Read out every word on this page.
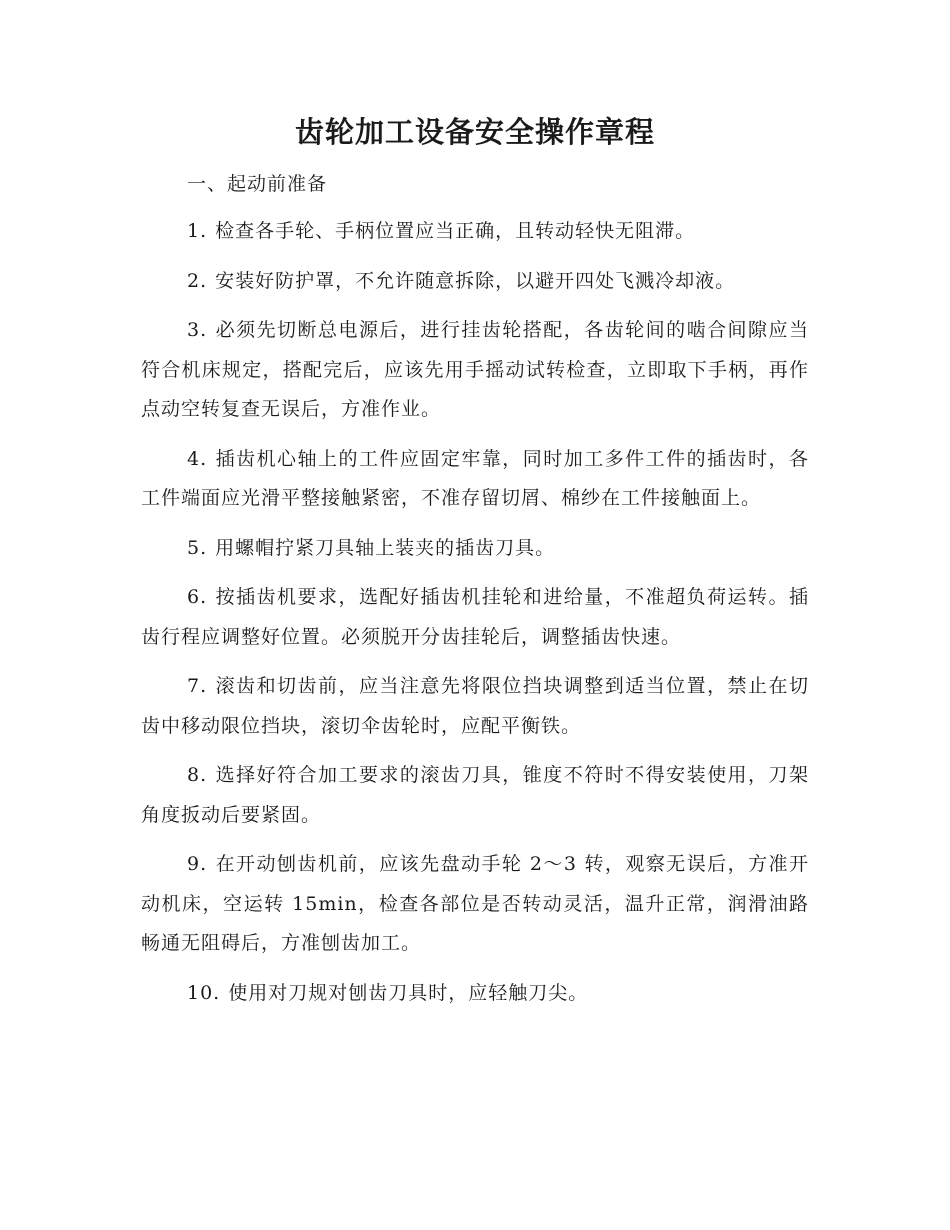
齿轮加工设备安全操作章程

一、起动前准备

1. 检查各手轮、手柄位置应当正确，且转动轻快无阻滞。

2. 安装好防护罩，不允许随意拆除，以避开四处飞溅冷却液。

3. 必须先切断总电源后，进行挂齿轮搭配，各齿轮间的啮合间隙应当符合机床规定，搭配完后，应该先用手摇动试转检查，立即取下手柄，再作点动空转复查无误后，方准作业。

4. 插齿机心轴上的工件应固定牢靠，同时加工多件工件的插齿时，各工件端面应光滑平整接触紧密，不准存留切屑、棉纱在工件接触面上。

5. 用螺帽拧紧刀具轴上装夹的插齿刀具。

6. 按插齿机要求，选配好插齿机挂轮和进给量，不准超负荷运转。插齿行程应调整好位置。必须脱开分齿挂轮后，调整插齿快速。

7. 滚齿和切齿前，应当注意先将限位挡块调整到适当位置，禁止在切齿中移动限位挡块，滚切伞齿轮时，应配平衡铁。

8. 选择好符合加工要求的滚齿刀具，锥度不符时不得安装使用，刀架角度扳动后要紧固。

9. 在开动刨齿机前，应该先盘动手轮 2～3 转，观察无误后，方准开动机床，空运转 15min，检查各部位是否转动灵活，温升正常，润滑油路畅通无阻碍后，方准刨齿加工。

10. 使用对刀规对刨齿刀具时，应轻触刀尖。
